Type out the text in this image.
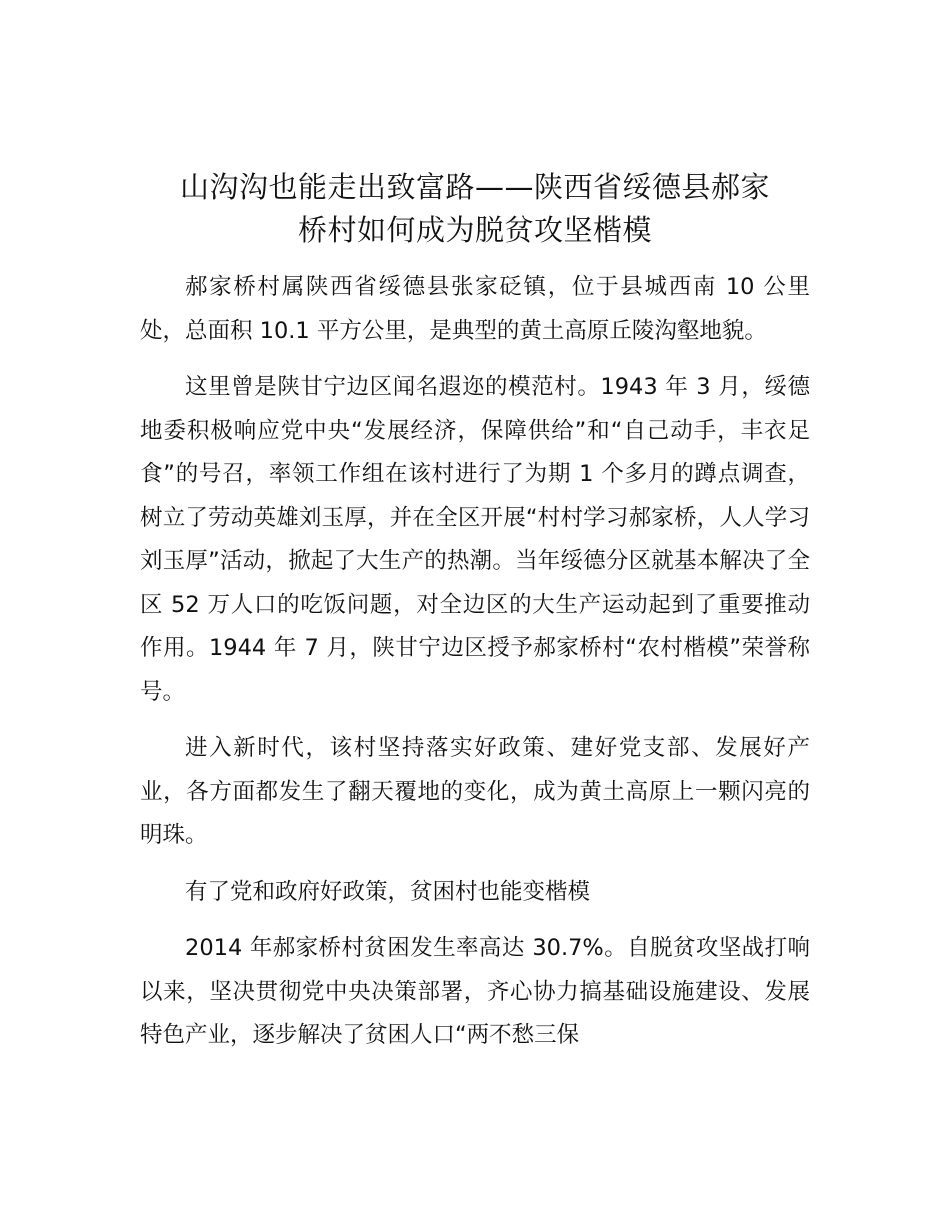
山沟沟也能走出致富路——陕西省绥德县郝家
桥村如何成为脱贫攻坚楷模

郝家桥村属陕西省绥德县张家砭镇，位于县城西南 10 公里处，总面积 10.1 平方公里，是典型的黄土高原丘陵沟壑地貌。

这里曾是陕甘宁边区闻名遐迩的模范村。1943 年 3 月，绥德地委积极响应党中央“发展经济，保障供给”和“自己动手，丰衣足食”的号召，率领工作组在该村进行了为期 1 个多月的蹲点调查，树立了劳动英雄刘玉厚，并在全区开展“村村学习郝家桥，人人学习刘玉厚”活动，掀起了大生产的热潮。当年绥德分区就基本解决了全区 52 万人口的吃饭问题，对全边区的大生产运动起到了重要推动作用。1944 年 7 月，陕甘宁边区授予郝家桥村“农村楷模”荣誉称号。

进入新时代，该村坚持落实好政策、建好党支部、发展好产业，各方面都发生了翻天覆地的变化，成为黄土高原上一颗闪亮的明珠。

有了党和政府好政策，贫困村也能变楷模

2014 年郝家桥村贫困发生率高达 30.7%。自脱贫攻坚战打响以来，坚决贯彻党中央决策部署，齐心协力搞基础设施建设、发展特色产业，逐步解决了贫困人口“两不愁三保
